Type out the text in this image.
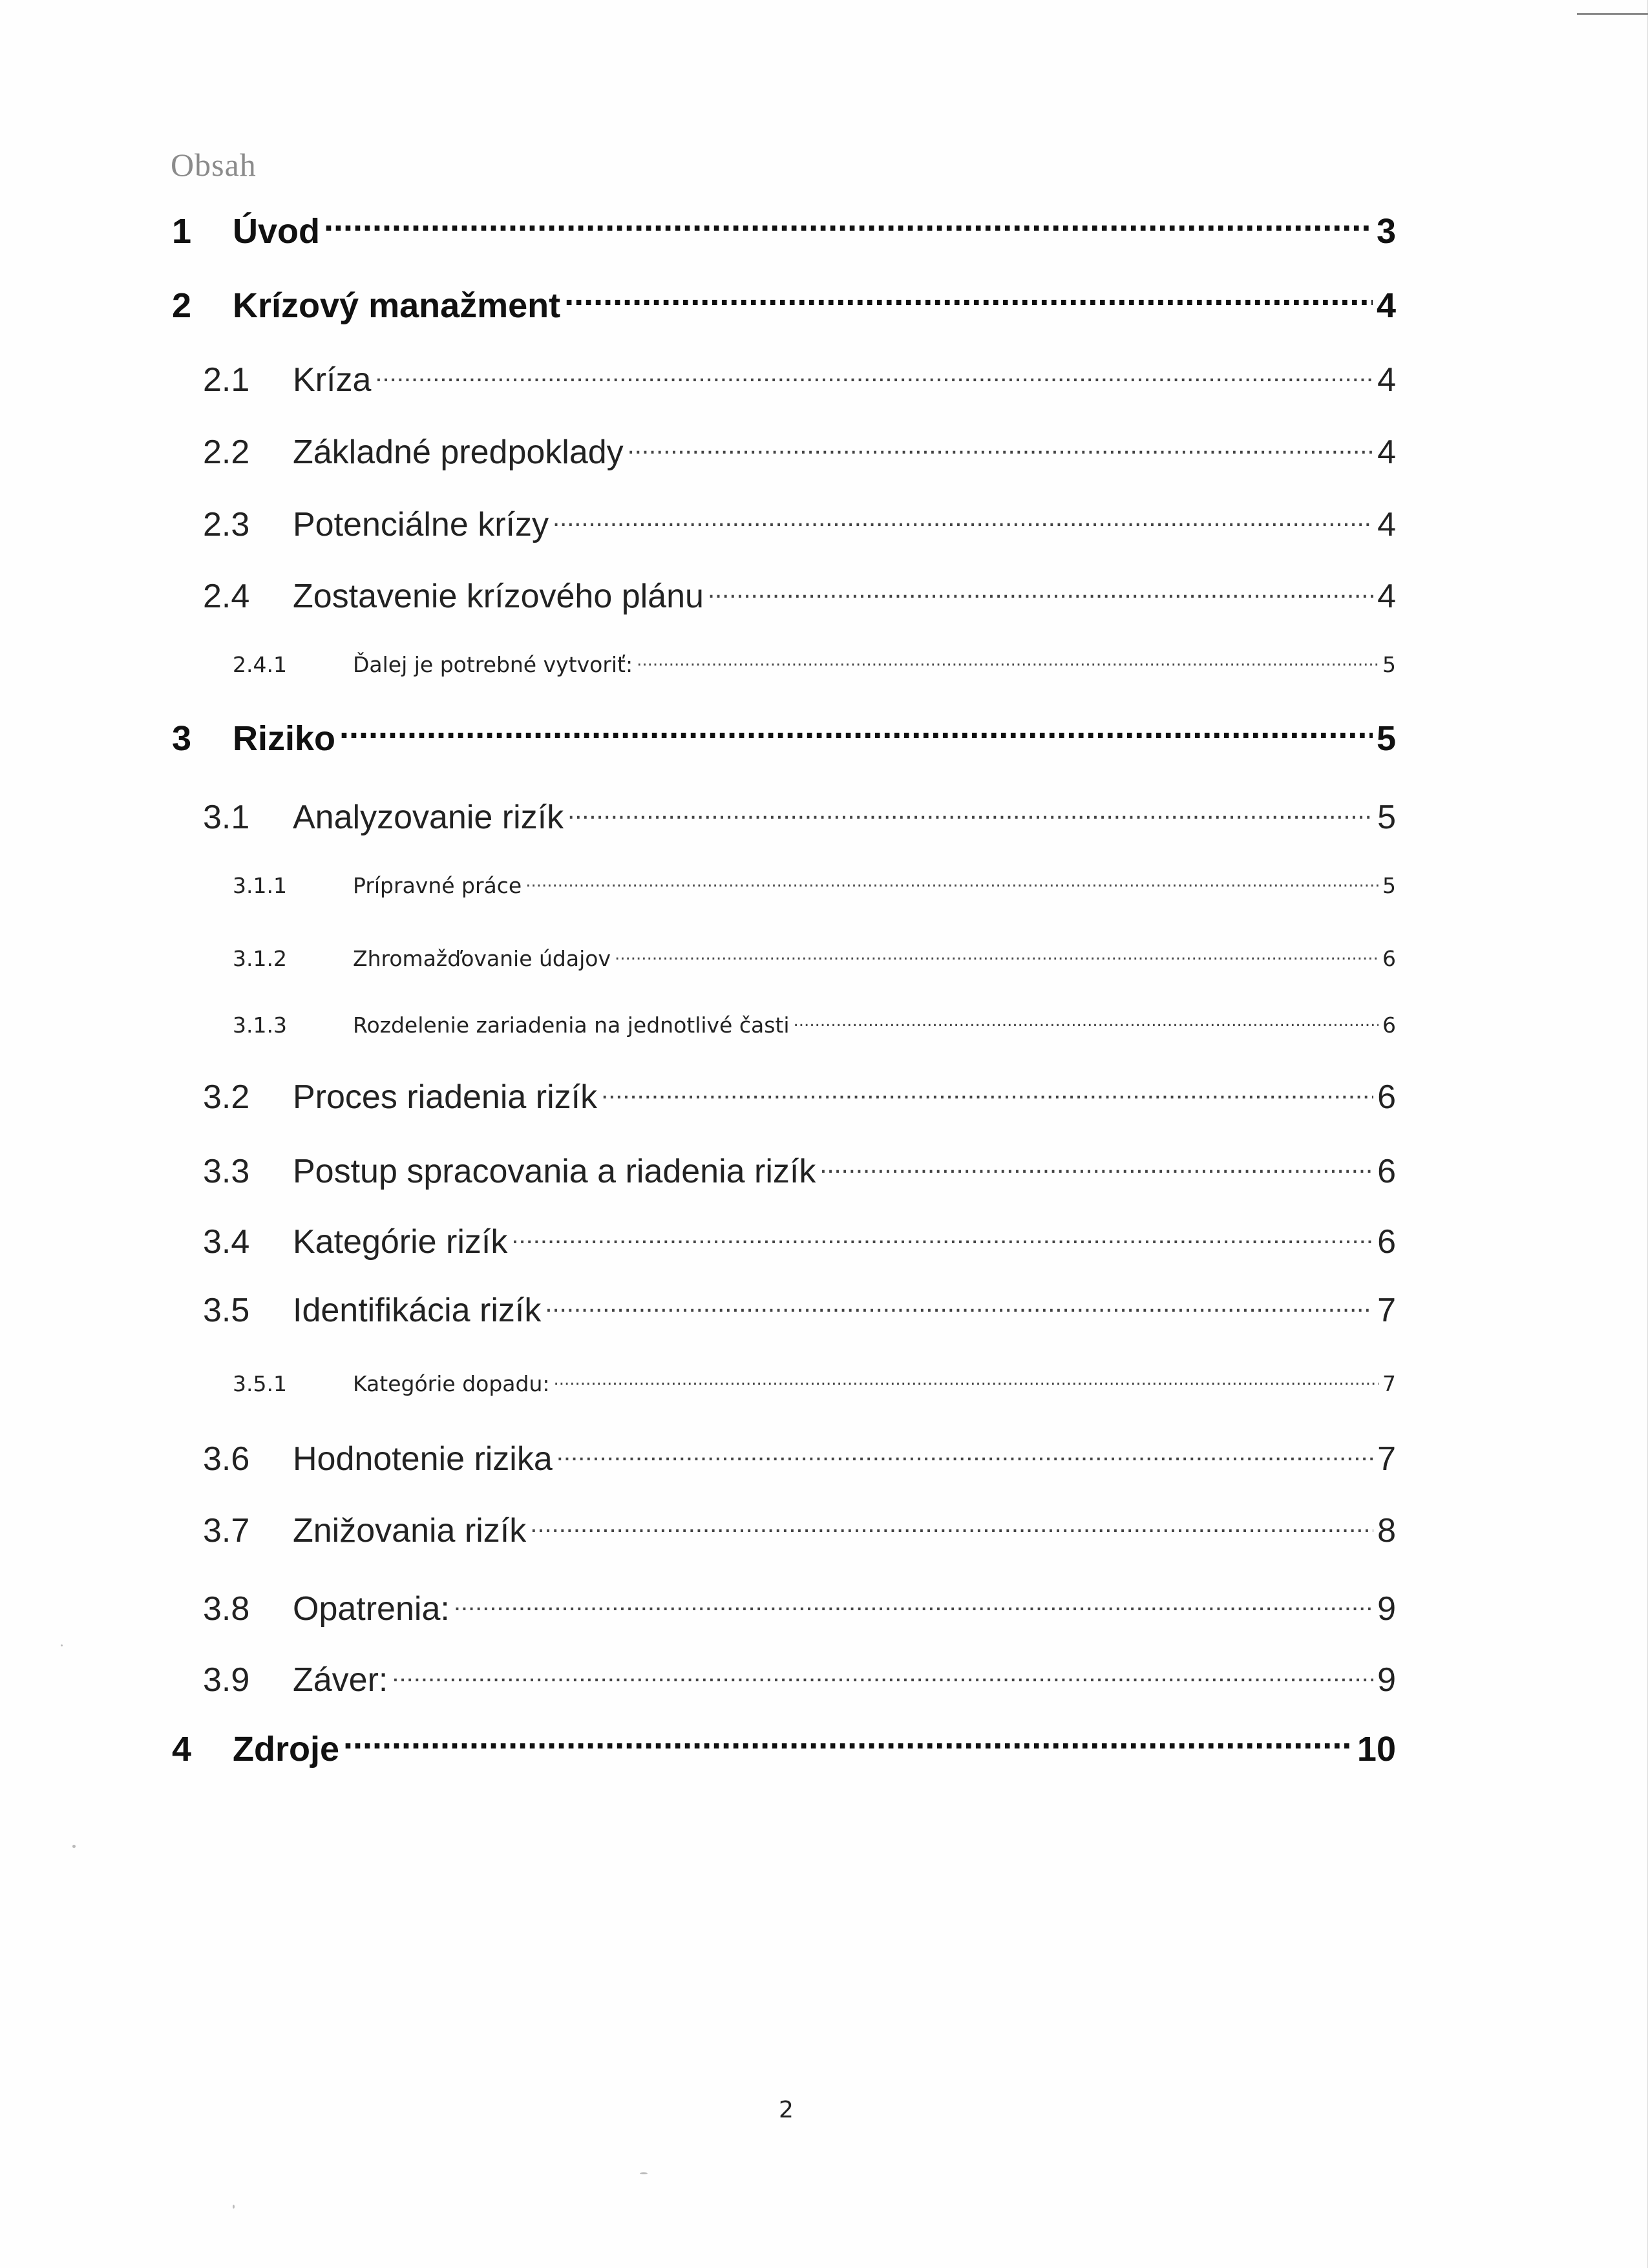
Obsah
1	Úvod .....	3
2	Krízový manažment .....	4
2.1	Kríza .....	4
2.2	Základné predpoklady .....	4
2.3	Potenciálne krízy .....	4
2.4	Zostavenie krízového plánu .....	4
2.4.1	Ďalej je potrebné vytvoriť: .....	5
3	Riziko .....	5
3.1	Analyzovanie rizík .....	5
3.1.1	Prípravné práce .....	5
3.1.2	Zhromažďovanie údajov .....	6
3.1.3	Rozdelenie zariadenia na jednotlivé časti .....	6
3.2	Proces riadenia rizík .....	6
3.3	Postup spracovania a riadenia rizík .....	6
3.4	Kategórie rizík .....	6
3.5	Identifikácia rizík .....	7
3.5.1	Kategórie dopadu: .....	7
3.6	Hodnotenie rizika .....	7
3.7	Znižovania rizík .....	8
3.8	Opatrenia: .....	9
3.9	Záver: .....	9
4	Zdroje .....	10
2
